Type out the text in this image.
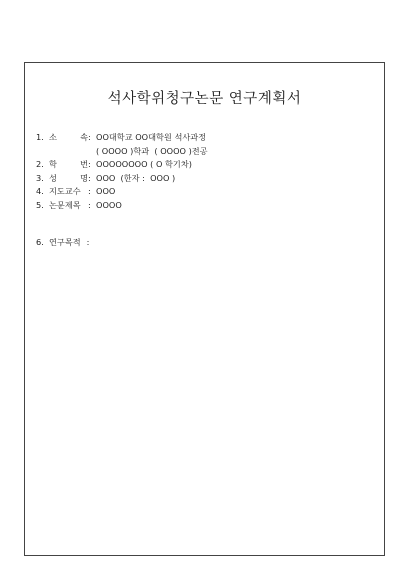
석사학위청구논문 연구계획서
1. 소	속 : OO대학교 OO대학원 석사과정
( OOOO )학과  ( OOOO )전공
2. 학	번 : OOOOOOOO ( O 학기차)
3. 성	명 : OOO  (한자 :  OOO )
4. 지도교수 : OOO
5. 논문제목 : OOOO
6. 연구목적 :
